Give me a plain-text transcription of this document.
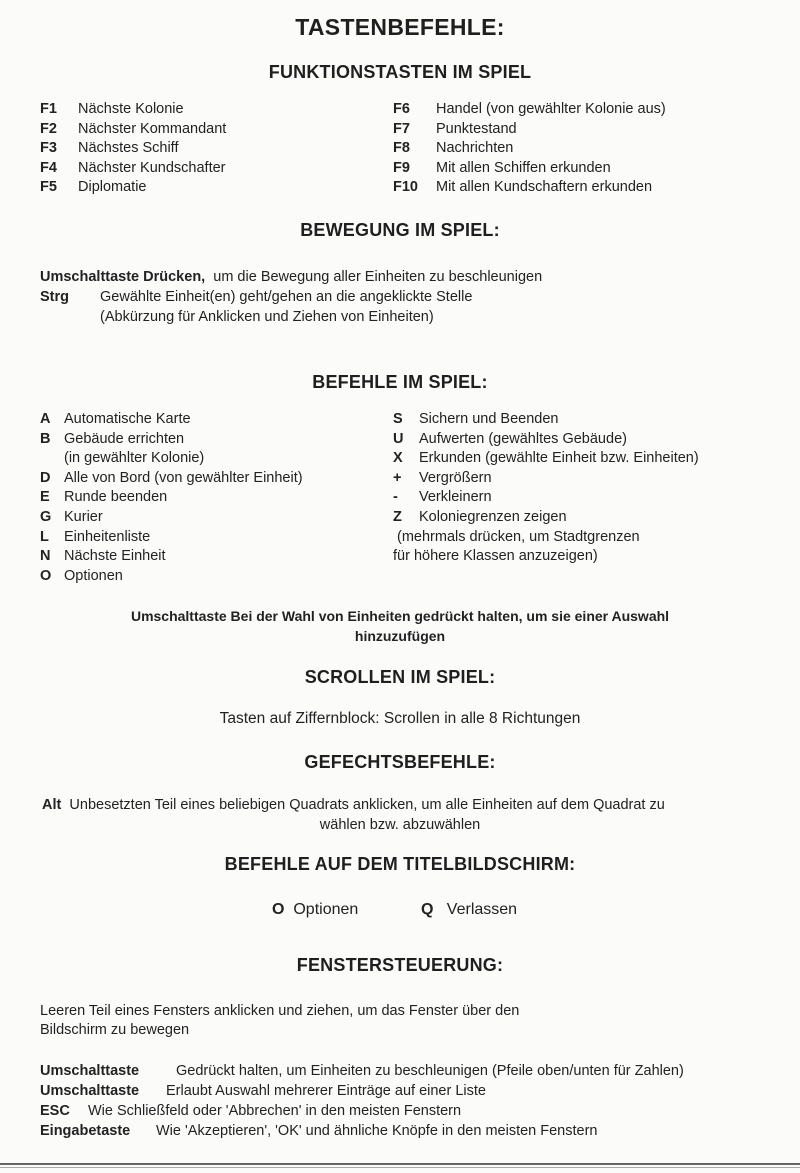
TASTENBEFEHLE:
FUNKTIONSTASTEN IM SPIEL
F1 Nächste Kolonie
F2 Nächster Kommandant
F3 Nächstes Schiff
F4 Nächster Kundschafter
F5 Diplomatie
F6 Handel (von gewählter Kolonie aus)
F7 Punktestand
F8 Nachrichten
F9 Mit allen Schiffen erkunden
F10 Mit allen Kundschaftern erkunden
BEWEGUNG IM SPIEL:
Umschalttaste Drücken, um die Bewegung aller Einheiten zu beschleunigen
Strg Gewählte Einheit(en) geht/gehen an die angeklickte Stelle
(Abkürzung für Anklicken und Ziehen von Einheiten)
BEFEHLE IM SPIEL:
A Automatische Karte
B Gebäude errichten
(in gewählter Kolonie)
D Alle von Bord (von gewählter Einheit)
E Runde beenden
G Kurier
L Einheitenliste
N Nächste Einheit
O Optionen
S Sichern und Beenden
U Aufwerten (gewähltes Gebäude)
X Erkunden (gewählte Einheit bzw. Einheiten)
+ Vergrößern
- Verkleinern
Z Koloniegrenzen zeigen
(mehrmals drücken, um Stadtgrenzen
für höhere Klassen anzuzeigen)
Umschalttaste Bei der Wahl von Einheiten gedrückt halten, um sie einer Auswahl
hinzuzufügen
SCROLLEN IM SPIEL:
Tasten auf Ziffernblock: Scrollen in alle 8 Richtungen
GEFECHTSBEFEHLE:
Alt Unbesetzten Teil eines beliebigen Quadrats anklicken, um alle Einheiten auf dem Quadrat zu
wählen bzw. abzuwählen
BEFEHLE AUF DEM TITELBILDSCHIRM:
O Optionen	Q Verlassen
FENSTERSTEUERUNG:
Leeren Teil eines Fensters anklicken und ziehen, um das Fenster über den
Bildschirm zu bewegen
Umschalttaste	Gedrückt halten, um Einheiten zu beschleunigen (Pfeile oben/unten für Zahlen)
Umschalttaste Erlaubt Auswahl mehrerer Einträge auf einer Liste
ESC Wie Schließfeld oder 'Abbrechen' in den meisten Fenstern
Eingabetaste Wie 'Akzeptieren', 'OK' und ähnliche Knöpfe in den meisten Fenstern
